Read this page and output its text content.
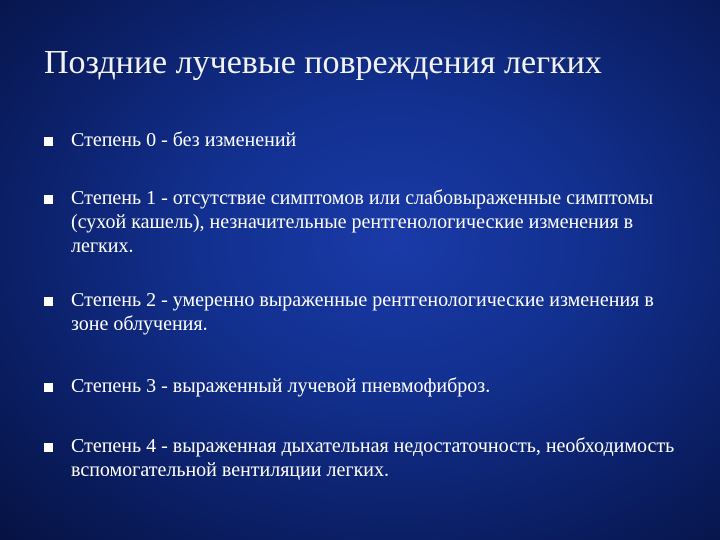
Поздние лучевые повреждения легких
Степень 0 - без изменений
Степень 1 - отсутствие симптомов или слабовыраженные симптомы (сухой кашель), незначительные рентгенологические изменения в легких.
Степень 2 - умеренно выраженные рентгенологические изменения в зоне облучения.
Степень 3 - выраженный лучевой пневмофиброз.
Степень 4 - выраженная дыхательная недостаточность, необходимость вспомогательной вентиляции легких.
